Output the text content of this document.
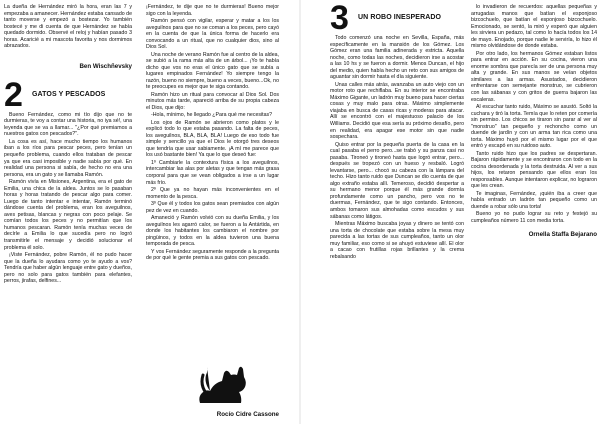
La dueña de Hernández miró la hora, eran las 7 y empezaba a amanecer. Hernández estaba cansado de tanto moverse y empezó a bostezar. Yo también bostecé y me di cuenta de que Hernández se había quedado dormido. Observé el reloj y habían pasado 3 horas. Acaricié a mi mascota favorita y nos dormimos abrazados.

Ben Wischñevsky
2	GATOS Y PESCADOS

Bueno Fernández, como mi tío dijo que no te durmieras, te voy a contar una historia, no iya sé!, una leyenda que se va a llamar... "¿Por qué premiamos a nuestros gatos con pescados?".

La cosa es así, hace mucho tiempo los humanos iban a los ríos para pescar peces, pero tenían un pequeño problema, cuando ellos trataban de pescar ya que era casi imposible y nadie sabía por qué. En realidad una persona si sabía, de hecho no era una persona, era un gato y se llamaba Ramón.

Ramón vivía en Misiones, Argentina, era el gato de Emilia, una chica de la aldea. Juntos se lo pasaban horas y horas tratando de pescar algo para comer. Luego de tanto intentar e intentar, Ramón terminó dándose cuenta del problema, eran los aveguilnos, aves petisas, blancas y negras con poco pelaje. Se comían todos los peces y no permitían que los humanos pescaran. Ramón tenía muchas veces de decírle a Emilia lo que sucedía pero no logró transmitirle el mensaje y decidió solucionar el problema él solo.

¡Viste Fernández, pobre Ramón, él no pudo hacer que la dueña lo ayudara como yo te ayudo a vos? Tendría que haber algún lenguaje entre gato y dueños, pero no solo para gatos también para elefantes, perros, jirafas, delfines...

¡Fernández, te dije que no te durmieras! Bueno mejor sigo con la leyenda.

Ramón pensó con vigilar, esperar y matar a los los aveguilnos para que no se coman a los peces, pero cayó en la cuenta de que la única forma de hacerlo era convocando a un ritual, que no cualquier dios, sino al Dios Sol.

Una noche de verano Ramón fue al centro de la aldea, se subió a la rama más alta de un árbol... ¡Yo te había dicho que vos no eras el único gato que se subía a lugares empinados Fernández! Yo siempre tengo la razón, bueno no siempre, bueno a veces, bueno...Ok, no te preocupes es mejor que te siga contando.

Ramón hizo un ritual para convocar al Dios Sol. Dos minutos más tarde, apareció arriba de su propia cabeza el Dios, que dijo:

-Hola, mínimo, he llegado ¿Para qué me necesitas?

Los ojos de Ramón se abrieron como platos y le explicó todo lo que estaba pasando. La falta de peces, los aveguilnos, BLA, BLA, BLA! Luego de eso todo fue simple y sencillo ya que el Dios le otorgó tres deseos que tendría que usar sabiamente. ¡A mí me parece que los usó bastante bien! Ya que lo que deseó fue:

1º Cambiarle la contextura física a los aveguilnos, intercambiar las alas por aletas y que tengan más grasa corporal para que se vean obligados a irse a un lugar más frío.

2º Que ya no hayan más inconvenientes en el momento de la pesca.

3º Que él y todos los gatos sean premiados con algún pez de vez en cuando.

Amaneció y Ramón volvió con su dueña Emilia, y los aveguilnos les agarró calor, se fueron a la Antártida, en donde los habitantes los cambiaron el nombre por pingüinos, y todos en la aldea tuvieron una buena temporada de pesca.

Y vos Fernández seguramente responde a la pregunta de por qué le gente premia a sus gatos con pescado.

Rocío Cidre Cassone
3	UN ROBO INESPERADO

Todo comenzó una noche en Sevilla, España, más específicamente en la mansión de los Gómez. Los Gómez eran una familia adinerada y estricta. Aquella noche, como todas las noches, decidieron irse a acostar a las 10 hs y se fueron a dormir. Menos Duncan, el hijo del medio, quien había hecho un reto con sus amigos de aguantar sin dormir hasta el día siguiente.

Unas calles más atrás, avanzaba un auto viejo con un motor roto que rechiflaba. En su interior se encontraba Máximo Gigante, un ladrón muy bueno para hacer ciertas cosas y muy malo para otras. Máximo simplemente viajaba en busca de casas ricas y moderas para atacar. Allí se encontró con el majestuoso palacio de los Williams. Decidió que esa sería su próximo desafío, pero en realidad, era apagar ese motor sin que nadie sospechara.

Quiso entrar por la pequeña puerta de la casa en la cual pasaba el perro pero...se trabó y su panza casi no pasaba. Tironeó y tironeó hasta que logró entrar, pero... después se tropezó con un hueso y resbaló. Logró levantarse, pero... chocó su cabeza con la lámpara del techo. Hizo tanto ruido que Duncan se dio cuenta de que algo extraño estaba allí. Temeroso, decidió despertar a su hermano menor porque él más grande dormía profundamente como un pancho, pero vos no te duermas, Fernández, que te sigo contando. Entonces, ambos tomaron sus almohadas como escudos y sus sábanas como látigos.

Mientras Máximo buscaba joyas y dinero se tentó con una torta de chocolate que estaba sobre la mesa muy parecida a las tortas de sus cumpleaños, tanto un olor muy familiar, eso como si se ahuyó estuviese allí. El olor a cacao con frutillas rojas brillantes y la crema rebalsando

lo invadieron de recuerdos: aquellas pequeñas y arrugadas manos que batían el esponjoso bizcochuelo, que batían el esponjoso bizcochuelo. Emocionado, se sentó, la miró y esperó que alguien les sirviera un pedazo, tal como lo hacía todos los 14 de mayo. Enojado, porque nadie le serviría, lo hizo él mismo olvidándose de donde estaba.

Por otro lado, los hermanos Gómez estaban listos para entrar en acción. En su cocina, vieron una enorme sombra que parecía ser de una persona muy alta y grande. En sus manos se veían objetos similares a las armas. Asustados, decidieron enfrentarse con semejante monstruo, se cubrieron con las sábanas y con gritos de guerra bajaron las escaleras.

Al escuchar tanto ruido, Máximo se asustó. Soltó la cuchara y tiró la torta. Temía que lo reten por comería sin permiso. Los chicos se tiraron sin parar al ver al "monstruo" tan pequeño y rechoncho como un duende de jardín y con un arma tan rica como una torta. Máximo huyó por el mismo lugar por el que entró y escapó en su ruidoso auto.

Tanto ruido hizo que los padres se despertaran. Bajaron rápidamente y se encontraron con todo en la cocina desordenada y la torta destruida. Al ver a sus hijos, los retaron pensando que ellos eran los responsables. Aunque intentaron explicar, no lograron que les crean.

Te imaginas, Fernández, ¡quién iba a creer que había entrado un ladrón tan pequeño como un duende a robar sólo una torta!

Bueno yo no pudo lograr su reto y festejó su cumpleaños número 11 con media torta.

Ornella Staffa Bejarano
